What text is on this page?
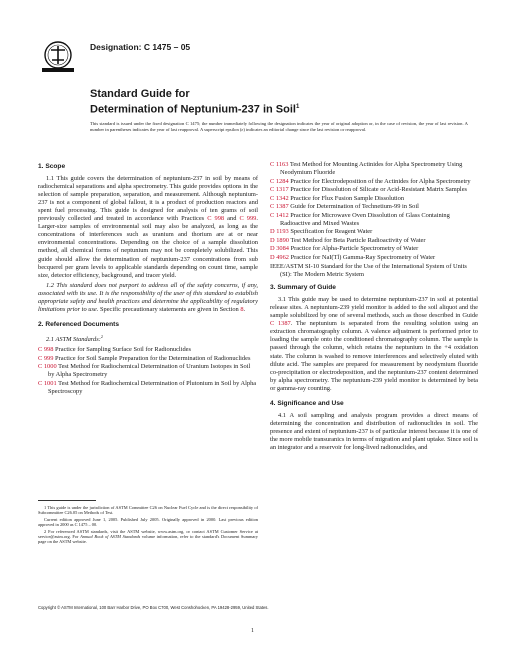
Designation: C 1475 – 05
Standard Guide for
Determination of Neptunium-237 in Soil$^1$
This standard is issued under the fixed designation C 1475; the number immediately following the designation indicates the year of original adoption or, in the case of revision, the year of last revision. A number in parentheses indicates the year of last reapproval. A superscript epsilon (ε) indicates an editorial change since the last revision or reapproval.
1. Scope

1.1 This guide covers the determination of neptunium-237 in soil by means of radiochemical separations and alpha spectrometry. This guide provides options in the selection of sample preparation, separation, and measurement. Although neptunium-237 is not a component of global fallout, it is a product of production reactors and spent fuel processing. This guide is designed for analysis of ten grams of soil previously collected and treated in accordance with Practices C 998 and C 999. Larger-size samples of environmental soil may also be analyzed, as long as the concentrations of interferences such as uranium and thorium are at or near environmental concentrations. Depending on the choice of a sample dissolution method, all chemical forms of neptunium may not be completely solubilized. This guide should allow the determination of neptunium-237 concentrations from sub becquerel per gram levels to applicable standards depending on count time, sample size, detector efficiency, background, and tracer yield.

1.2 This standard does not purport to address all of the safety concerns, if any, associated with its use. It is the responsibility of the user of this standard to establish appropriate safety and health practices and determine the applicability of regulatory limitations prior to use. Specific precautionary statements are given in Section 8.

2. Referenced Documents

2.1 ASTM Standards:$^2$

C 998 Practice for Sampling Surface Soil for Radionuclides
C 999 Practice for Soil Sample Preparation for the Determination of Radionuclides
C 1000 Test Method for Radiochemical Determination of Uranium Isotopes in Soil by Alpha Spectrometry
C 1001 Test Method for Radiochemical Determination of Plutonium in Soil by Alpha Spectroscopy
C 1163 Test Method for Mounting Actinides for Alpha Spectrometry Using Neodymium Fluoride
C 1284 Practice for Electrodeposition of the Actinides for Alpha Spectrometry
C 1317 Practice for Dissolution of Silicate or Acid-Resistant Matrix Samples
C 1342 Practice for Flux Fusion Sample Dissolution
C 1387 Guide for Determination of Technetium-99 in Soil
C 1412 Practice for Microwave Oven Dissolution of Glass Containing Radioactive and Mixed Wastes
D 1193 Specification for Reagent Water
D 1890 Test Method for Beta Particle Radioactivity of Water
D 3084 Practice for Alpha-Particle Spectrometry of Water
D 4962 Practice for NaI(Tl) Gamma-Ray Spectrometry of Water
IEEE/ASTM SI-10 Standard for the Use of the International System of Units (SI): The Modern Metric System
3. Summary of Guide

3.1 This guide may be used to determine neptunium-237 in soil at potential release sites. A neptunium-239 yield monitor is added to the soil aliquot and the sample solubilized by one of several methods, such as those described in Guide C 1387. The neptunium is separated from the resulting solution using an extraction chromatography column. A valence adjustment is performed prior to loading the sample onto the conditioned chromatography column. The sample is passed through the column, which retains the neptunium in the +4 oxidation state. The column is washed to remove interferences and selectively eluted with dilute acid. The samples are prepared for measurement by neodymium fluoride co-precipitation or electrodeposition, and the neptunium-237 content determined by alpha spectrometry. The neptunium-239 yield monitor is determined by beta or gamma-ray counting.

4. Significance and Use

4.1 A soil sampling and analysis program provides a direct means of determining the concentration and distribution of radionuclides in soil. The presence and extent of neptunium-237 is of particular interest because it is one of the more mobile transuranics in terms of migration and plant uptake. Since soil is an integrator and a reservoir for long-lived radionuclides, and

1 This guide is under the jurisdiction of ASTM Committee C26 on Nuclear Fuel Cycle and is the direct responsibility of Subcommittee C26.05 on Methods of Test.
Current edition approved June 1, 2005. Published July 2005. Originally approved in 2000. Last previous edition approved in 2000 as C 1475 – 00.
2 For referenced ASTM standards, visit the ASTM website, www.astm.org, or contact ASTM Customer Service at service@astm.org. For Annual Book of ASTM Standards volume information, refer to the standard's Document Summary page on the ASTM website.
Copyright © ASTM International, 100 Barr Harbor Drive, PO Box C700, West Conshohocken, PA 19428-2959, United States.
1
